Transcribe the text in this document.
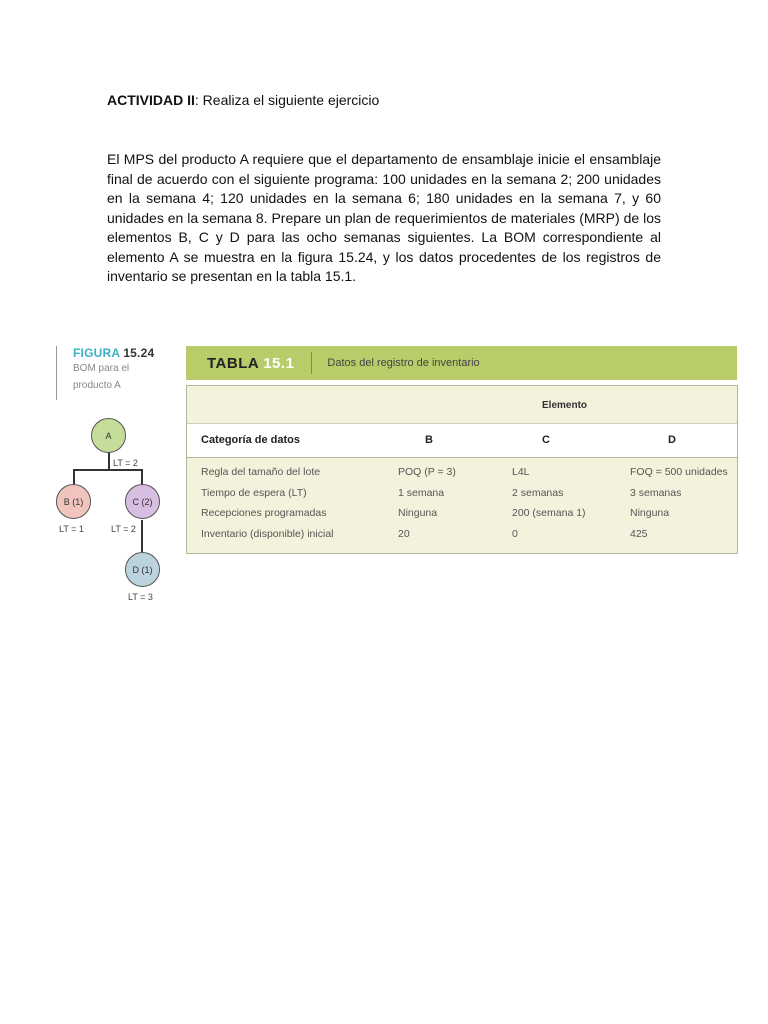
ACTIVIDAD II: Realiza el siguiente ejercicio
El MPS del producto A requiere que el departamento de ensamblaje inicie el ensamblaje final de acuerdo con el siguiente programa: 100 unidades en la semana 2; 200 unidades en la semana 4; 120 unidades en la semana 6; 180 unidades en la semana 7, y 60 unidades en la semana 8. Prepare un plan de requerimientos de materiales (MRP) de los elementos B, C y D para las ocho semanas siguientes. La BOM correspondiente al elemento A se muestra en la figura 15.24, y los datos procedentes de los registros de inventario se presentan en la tabla 15.1.
FIGURA 15.24
BOM para el
producto A
A
LT = 2
B (1)
LT = 1
C (2)
LT = 2
D (1)
LT = 3
TABLA 15.1	Datos del registro de inventario
Elemento
Categoría de datos	B	C	D
Regla del tamaño del lote	POQ (P = 3)	L4L	FOQ = 500 unidades
Tiempo de espera (LT)	1 semana	2 semanas	3 semanas
Recepciones programadas	Ninguna	200 (semana 1)	Ninguna
Inventario (disponible) inicial	20	0	425
